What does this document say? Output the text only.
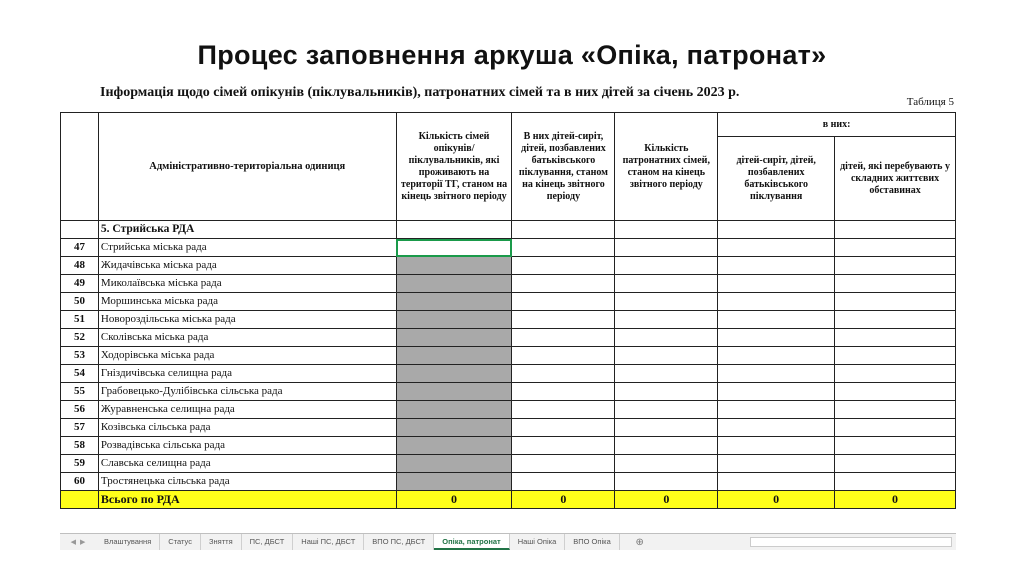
Процес заповнення аркуша «Опіка, патронат»
Інформація щодо сімей опікунів (піклувальників), патронатних сімей та в них дітей за січень 2023 р.
Таблиця 5
	Адміністративно-територіальна одиниця	Кількість сімей опікунів/піклувальників, які проживають на території ТГ, станом на кінець звітного періоду	В них дітей-сиріт, дітей, позбавлених батьківського піклування, станом на кінець звітного періоду	Кількість патронатних сімей, станом на кінець звітного періоду	в них:	
					дітей-сиріт, дітей, позбавлених батьківського піклування	дітей, які перебувають у складних життєвих обставинах
	5. Стрийська РДА					
47	Стрийська міська рада					
48	Жидачівська міська рада					
49	Миколаївська міська рада					
50	Моршинська міська рада					
51	Новороздільська міська рада					
52	Сколівська міська рада					
53	Ходорівська міська рада					
54	Гніздичівська селищна рада					
55	Грабовецько-Дулібівська сільська рада					
56	Журавненська селищна рада					
57	Козівська сільська рада					
58	Розвадівська сільська рада					
59	Славська селищна рада					
60	Тростянецька сільська рада					
	Всього по РДА	0	0	0	0	0
◀ ▶	Влаштування	Статус	Зняття	ПС, ДБСТ	Наші ПС, ДБСТ	ВПО ПС, ДБСТ	Опіка, патронат	Наші Опіка	ВПО Опіка	⊕
